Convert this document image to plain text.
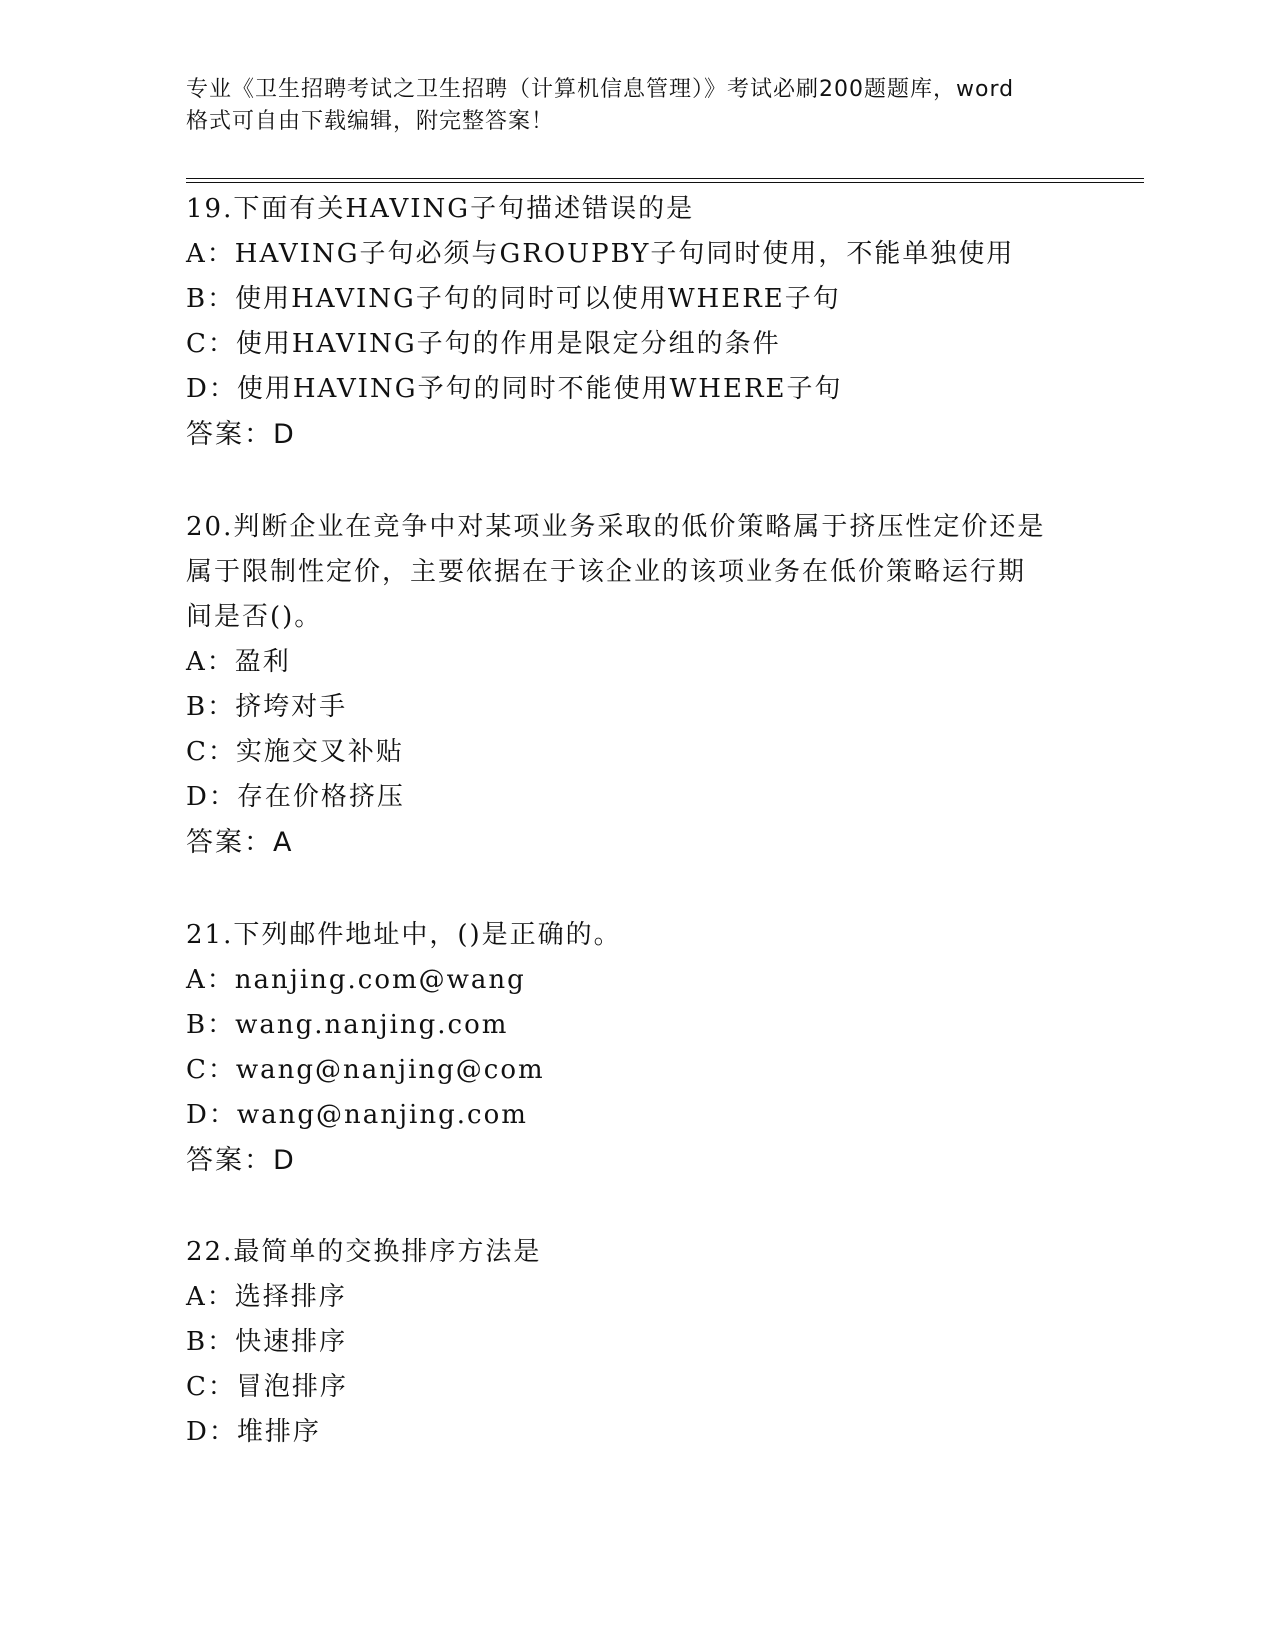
专业《卫生招聘考试之卫生招聘（计算机信息管理）》考试必刷200题题库，word
格式可自由下载编辑，附完整答案！
19.下面有关HAVING子句描述错误的是
A：HAVING子句必须与GROUPBY子句同时使用，不能单独使用
B：使用HAVING子句的同时可以使用WHERE子句
C：使用HAVING子句的作用是限定分组的条件
D：使用HAVING予句的同时不能使用WHERE子句
答案：D
20.判断企业在竞争中对某项业务采取的低价策略属于挤压性定价还是
属于限制性定价，主要依据在于该企业的该项业务在低价策略运行期
间是否()。
A：盈利
B：挤垮对手
C：实施交叉补贴
D：存在价格挤压
答案：A
21.下列邮件地址中，()是正确的。
A：nanjing.com@wang
B：wang.nanjing.com
C：wang@nanjing@com
D：wang@nanjing.com
答案：D
22.最简单的交换排序方法是
A：选择排序
B：快速排序
C：冒泡排序
D：堆排序
